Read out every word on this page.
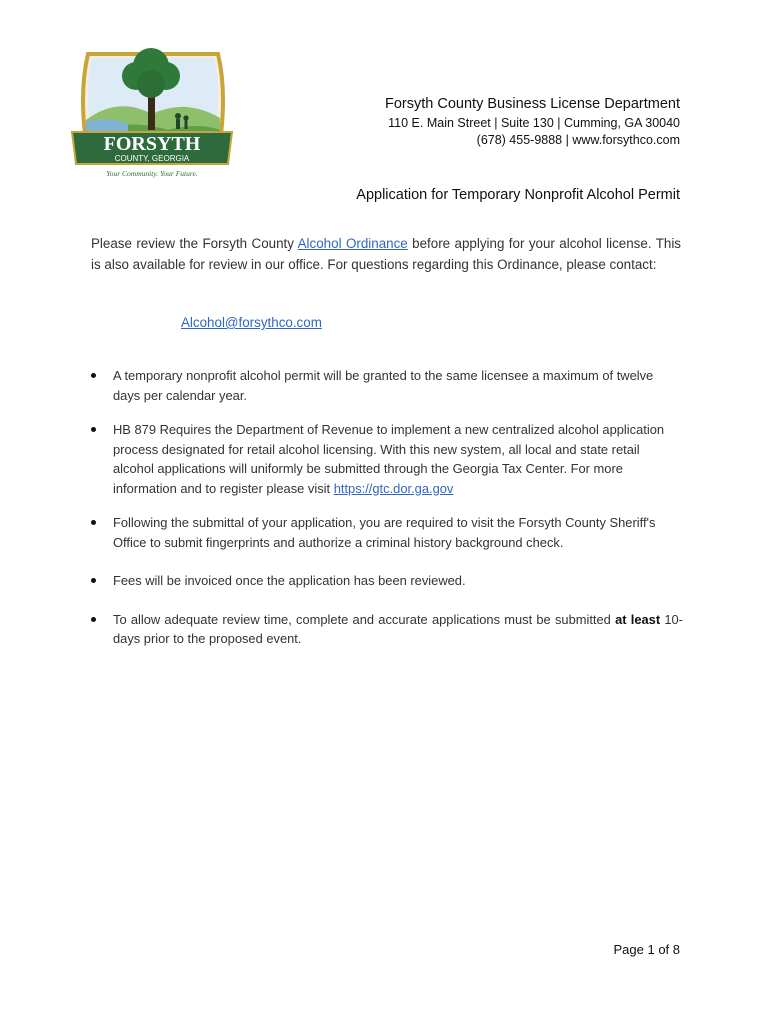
FORSYTH
COUNTY, GEORGIA
Your Community. Your Future.
Forsyth County Business License Department
110 E. Main Street | Suite 130 | Cumming, GA 30040
(678) 455-9888 | www.forsythco.com
Application for Temporary Nonprofit Alcohol Permit

Please review the Forsyth County Alcohol Ordinance before applying for your alcohol license. This is also available for review in our office. For questions regarding this Ordinance, please contact:

Alcohol@forsythco.com
A temporary nonprofit alcohol permit will be granted to the same licensee a maximum of twelve days per calendar year.
HB 879 Requires the Department of Revenue to implement a new centralized alcohol application process designated for retail alcohol licensing. With this new system, all local and state retail alcohol applications will uniformly be submitted through the Georgia Tax Center. For more information and to register please visit https://gtc.dor.ga.gov
Following the submittal of your application, you are required to visit the Forsyth County Sheriff's Office to submit fingerprints and authorize a criminal history background check.
Fees will be invoiced once the application has been reviewed.
To allow adequate review time, complete and accurate applications must be submitted at least 10-days prior to the proposed event.
Page 1 of 8
